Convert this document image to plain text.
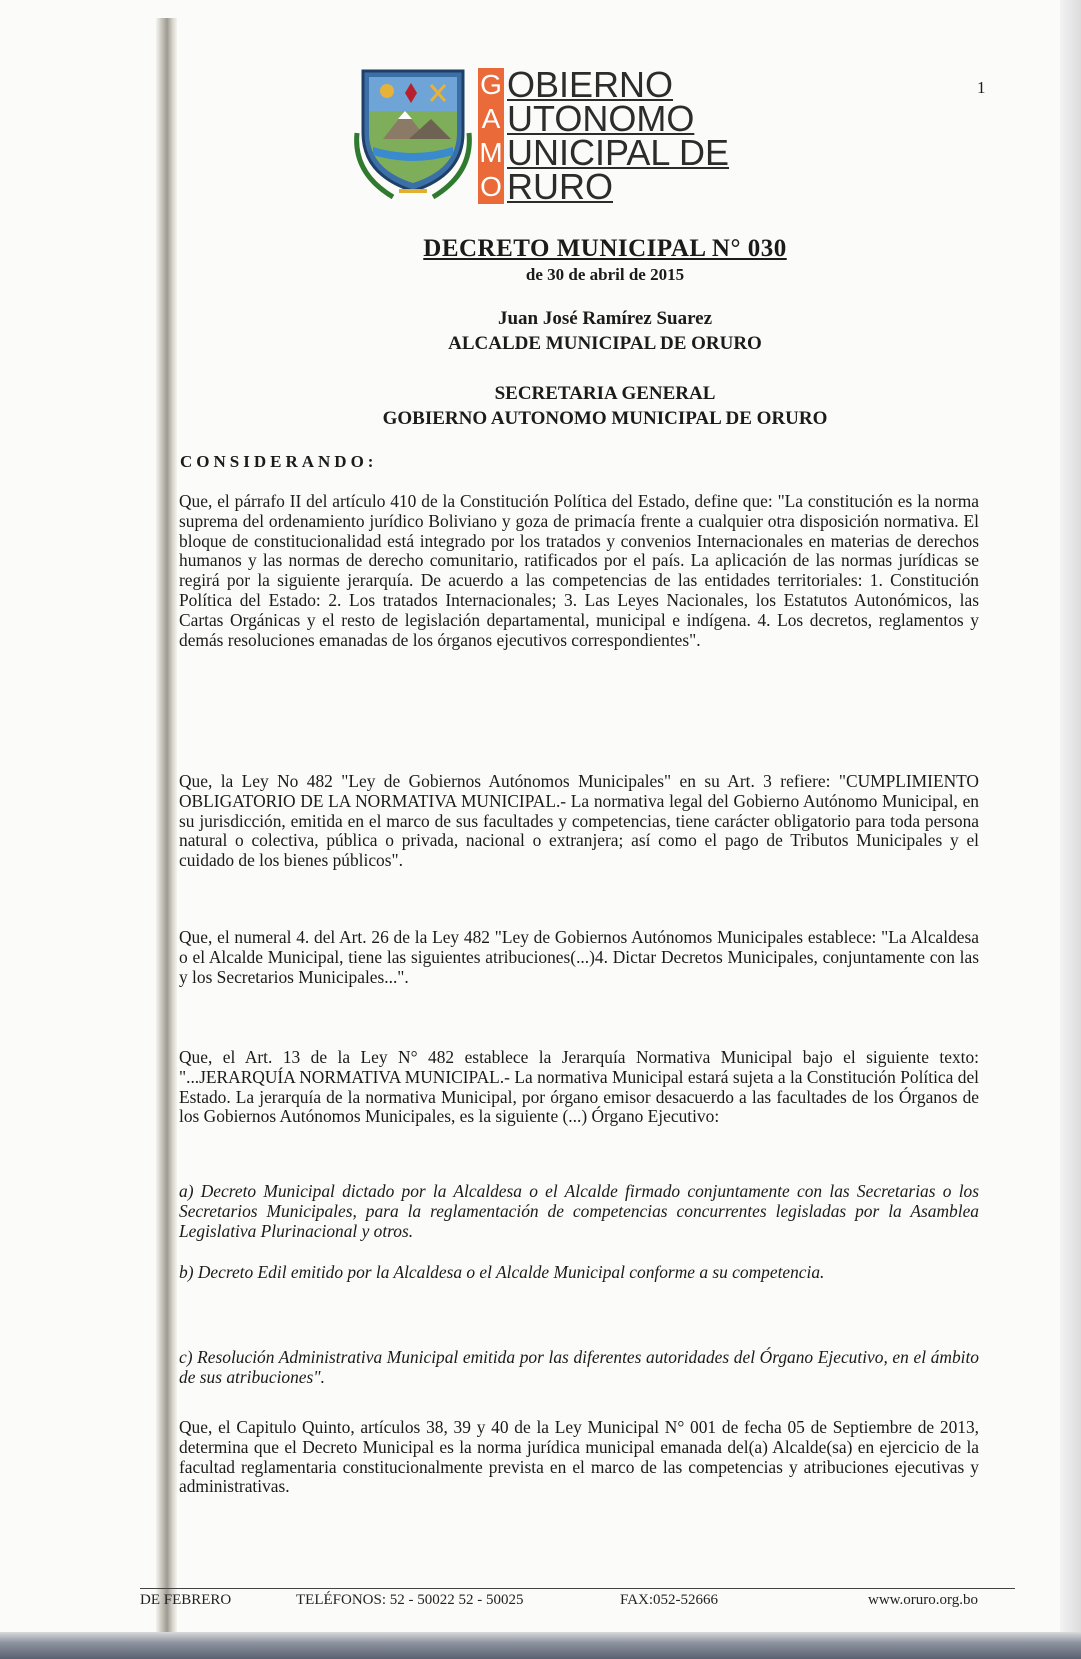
1
G OBIERNO
A UTONOMO
M UNICIPAL DE
O RURO
DECRETO MUNICIPAL N° 030
de 30 de abril de 2015
Juan José Ramírez Suarez
ALCALDE MUNICIPAL DE ORURO
SECRETARIA GENERAL
GOBIERNO AUTONOMO MUNICIPAL DE ORURO
CONSIDERANDO:

Que, el párrafo II del artículo 410 de la Constitución Política del Estado, define que: "La constitución es la norma suprema del ordenamiento jurídico Boliviano y goza de primacía frente a cualquier otra disposición normativa. El bloque de constitucionalidad está integrado por los tratados y convenios Internacionales en materias de derechos humanos y las normas de derecho comunitario, ratificados por el país. La aplicación de las normas jurídicas se regirá por la siguiente jerarquía. De acuerdo a las competencias de las entidades territoriales: 1. Constitución Política del Estado: 2. Los tratados Internacionales; 3. Las Leyes Nacionales, los Estatutos Autonómicos, las Cartas Orgánicas y el resto de legislación departamental, municipal e indígena. 4. Los decretos, reglamentos y demás resoluciones emanadas de los órganos ejecutivos correspondientes".

Que, la Ley No 482 "Ley de Gobiernos Autónomos Municipales" en su Art. 3 refiere: "CUMPLIMIENTO OBLIGATORIO DE LA NORMATIVA MUNICIPAL.- La normativa legal del Gobierno Autónomo Municipal, en su jurisdicción, emitida en el marco de sus facultades y competencias, tiene carácter obligatorio para toda persona natural o colectiva, pública o privada, nacional o extranjera; así como el pago de Tributos Municipales y el cuidado de los bienes públicos".

Que, el numeral 4. del Art. 26 de la Ley 482 "Ley de Gobiernos Autónomos Municipales establece: "La Alcaldesa o el Alcalde Municipal, tiene las siguientes atribuciones(...)4. Dictar Decretos Municipales, conjuntamente con las y los Secretarios Municipales...".

Que, el Art. 13 de la Ley N° 482 establece la Jerarquía Normativa Municipal bajo el siguiente texto: "...JERARQUÍA NORMATIVA MUNICIPAL.- La normativa Municipal estará sujeta a la Constitución Política del Estado. La jerarquía de la normativa Municipal, por órgano emisor desacuerdo a las facultades de los Órganos de los Gobiernos Autónomos Municipales, es la siguiente (...) Órgano Ejecutivo:

a) Decreto Municipal dictado por la Alcaldesa o el Alcalde firmado conjuntamente con las Secretarias o los Secretarios Municipales, para la reglamentación de competencias concurrentes legisladas por la Asamblea Legislativa Plurinacional y otros.

b) Decreto Edil emitido por la Alcaldesa o el Alcalde Municipal conforme a su competencia.

c) Resolución Administrativa Municipal emitida por las diferentes autoridades del Órgano Ejecutivo, en el ámbito de sus atribuciones".

Que, el Capitulo Quinto, artículos 38, 39 y 40 de la Ley Municipal N° 001 de fecha 05 de Septiembre de 2013, determina que el Decreto Municipal es la norma jurídica municipal emanada del(a) Alcalde(sa) en ejercicio de la facultad reglamentaria constitucionalmente prevista en el marco de las competencias y atribuciones ejecutivas y administrativas.

DE FEBRERO	TELÉFONOS: 52 - 50022 52 - 50025	FAX:052-52666	www.oruro.org.bo
